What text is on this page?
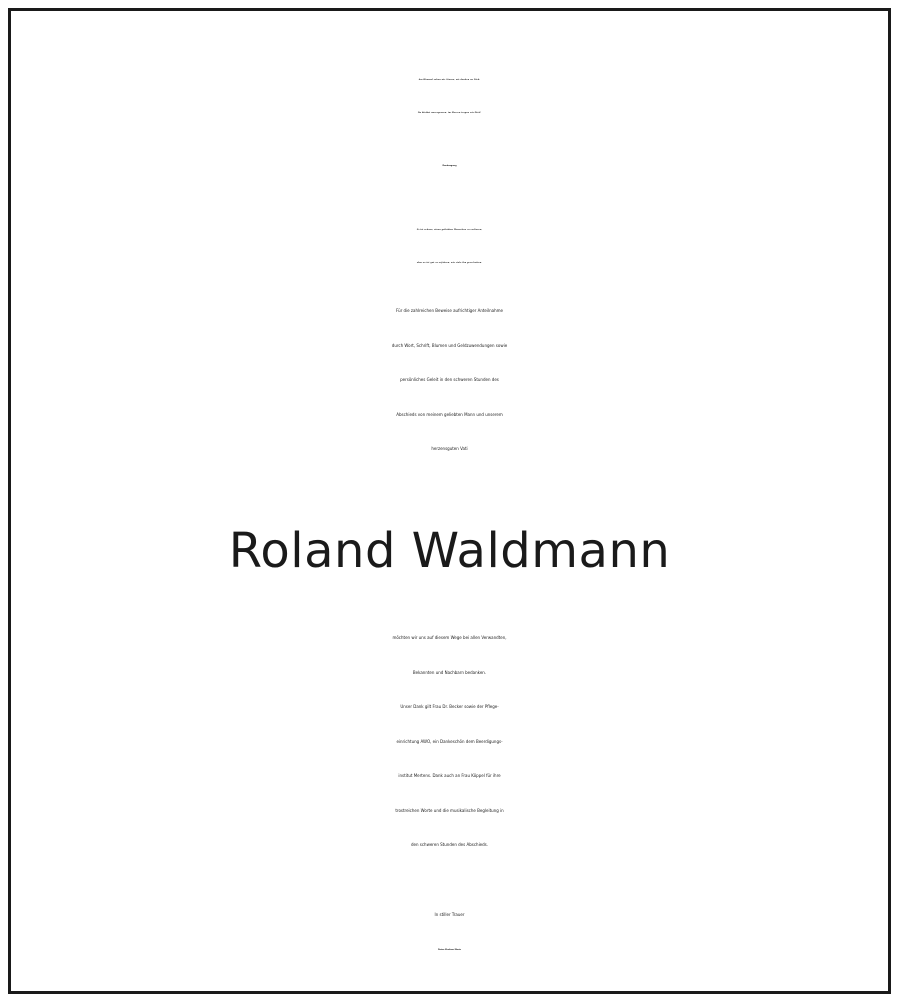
Am Himmel sehen wir Sterne, wir denken an Dich.
Du bleibst unvergessen, im Herzen tragen wir Dich!
Danksagung
Es ist schwer, einen geliebten Menschen zu verlieren,
aber es ist gut zu erfahren, wie viele ihn gern hatten.
Für die zahlreichen Beweise aufrichtiger Anteilnahme
durch Wort, Schrift, Blumen und Geldzuwendungen sowie
persönliches Geleit in den schweren Stunden des
Abschieds von meinem geliebten Mann und unserem
herzensguten Vati
Roland Waldmann
möchten wir uns auf diesem Wege bei allen Verwandten,
Bekannten und Nachbarn bedanken.
Unser Dank gilt Frau Dr. Becker sowie der Pflege-
einrichtung AWO, ein Dankeschön dem Beerdigungs-
institut Mertens. Dank auch an Frau Köppel für ihre
trostreichen Worte und die musikalische Begleitung in
den schweren Stunden des Abschieds.
In stiller Trauer
Deine Ehefrau Marie
